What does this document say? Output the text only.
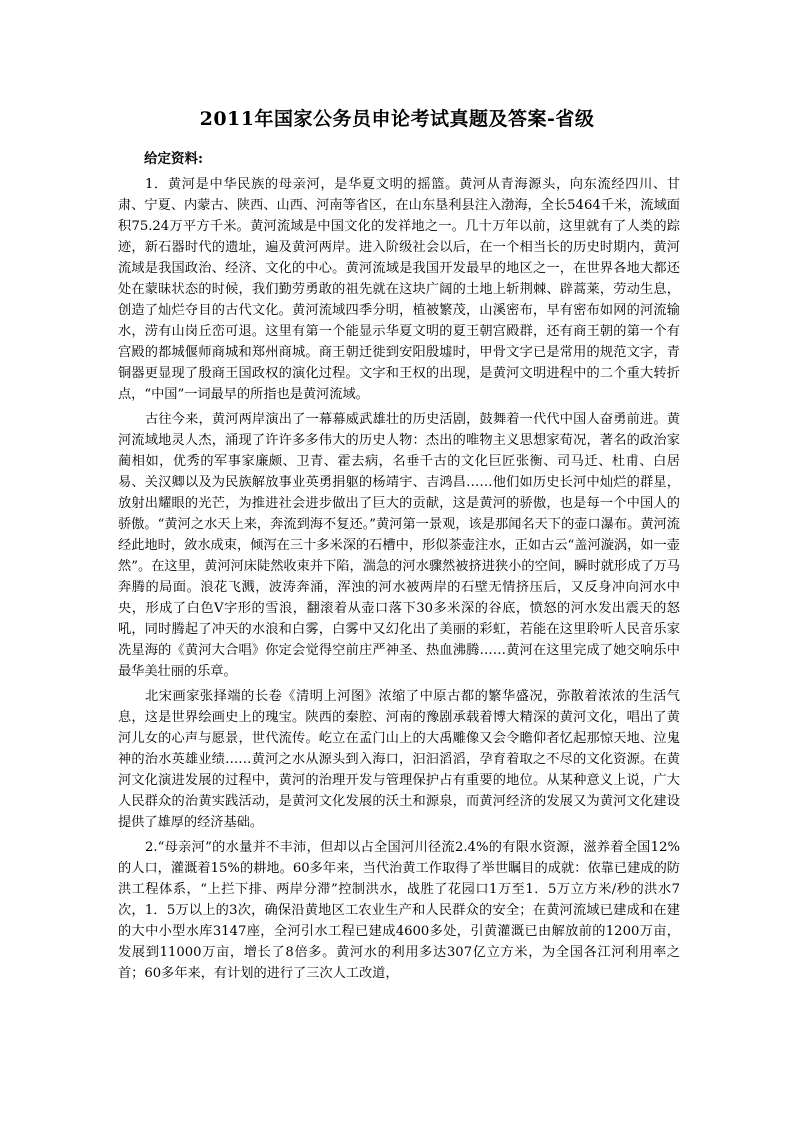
2011年国家公务员申论考试真题及答案-省级
给定资料:

1．黄河是中华民族的母亲河，是华夏文明的摇篮。黄河从青海源头，向东流经四川、甘肃、宁夏、内蒙古、陕西、山西、河南等省区，在山东垦利县注入渤海，全长5464千米，流域面积75.24万平方千米。黄河流域是中国文化的发祥地之一。几十万年以前，这里就有了人类的踪迹，新石器时代的遗址，遍及黄河两岸。进入阶级社会以后，在一个相当长的历史时期内，黄河流域是我国政治、经济、文化的中心。黄河流域是我国开发最早的地区之一，在世界各地大都还处在蒙昧状态的时候，我们勤劳勇敢的祖先就在这块广阔的土地上斩荆棘、辟蒿莱，劳动生息，创造了灿烂夺目的古代文化。黄河流域四季分明，植被繁茂，山溪密布，早有密布如网的河流输水，涝有山岗丘峦可退。这里有第一个能显示华夏文明的夏王朝宫殿群，还有商王朝的第一个有宫殿的都城偃师商城和郑州商城。商王朝迁徙到安阳殷墟时，甲骨文字已是常用的规范文字，青铜器更显现了殷商王国政权的演化过程。文字和王权的出现，是黄河文明进程中的二个重大转折点，“中国”一词最早的所指也是黄河流域。

古往今来，黄河两岸演出了一幕幕威武雄壮的历史活剧，鼓舞着一代代中国人奋勇前进。黄河流域地灵人杰，涌现了许许多多伟大的历史人物：杰出的唯物主义思想家荀况，著名的政治家蔺相如，优秀的军事家廉颇、卫青、霍去病，名垂千古的文化巨匠张衡、司马迁、杜甫、白居易、关汉卿以及为民族解放事业英勇捐躯的杨靖宇、吉鸿昌……他们如历史长河中灿烂的群星，放射出耀眼的光芒，为推进社会进步做出了巨大的贡献，这是黄河的骄傲，也是每一个中国人的骄傲。“黄河之水天上来，奔流到海不复还。”黄河第一景观，该是那闻名天下的壶口瀑布。黄河流经此地时，敛水成束，倾泻在三十多米深的石槽中，形似茶壶注水，正如古云“盖河漩涡，如一壶然”。在这里，黄河河床陡然收束并下陷，湍急的河水骤然被挤进狭小的空间，瞬时就形成了万马奔腾的局面。浪花飞溅，波涛奔涌，浑浊的河水被两岸的石壁无情挤压后，又反身冲向河水中央，形成了白色V字形的雪浪，翻滚着从壶口落下30多米深的谷底，愤怒的河水发出震天的怒吼，同时腾起了冲天的水浪和白雾，白雾中又幻化出了美丽的彩虹，若能在这里聆听人民音乐家冼星海的《黄河大合唱》你定会觉得空前庄严神圣、热血沸腾……黄河在这里完成了她交响乐中最华美壮丽的乐章。

北宋画家张择端的长卷《清明上河图》浓缩了中原古都的繁华盛况，弥散着浓浓的生活气息，这是世界绘画史上的瑰宝。陕西的秦腔、河南的豫剧承载着博大精深的黄河文化，唱出了黄河儿女的心声与愿景，世代流传。屹立在孟门山上的大禹雕像又会令瞻仰者忆起那惊天地、泣鬼神的治水英雄业绩……黄河之水从源头到入海口，汩汩滔滔，孕育着取之不尽的文化资源。在黄河文化演进发展的过程中，黄河的治理开发与管理保护占有重要的地位。从某种意义上说，广大人民群众的治黄实践活动，是黄河文化发展的沃土和源泉，而黄河经济的发展又为黄河文化建设提供了雄厚的经济基础。

2.“母亲河”的水量并不丰沛，但却以占全国河川径流2.4%的有限水资源，滋养着全国12%的人口，灌溉着15%的耕地。60多年来，当代治黄工作取得了举世瞩目的成就：依靠已建成的防洪工程体系，“上拦下排、两岸分滞”控制洪水，战胜了花园口1万至1．5万立方米/秒的洪水7次，1．5万以上的3次，确保沿黄地区工农业生产和人民群众的安全；在黄河流域已建成和在建的大中小型水库3147座，全河引水工程已建成4600多处，引黄灌溉已由解放前的1200万亩，发展到11000万亩，增长了8倍多。黄河水的利用多达307亿立方米，为全国各江河利用率之首；60多年来，有计划的进行了三次人工改道，
